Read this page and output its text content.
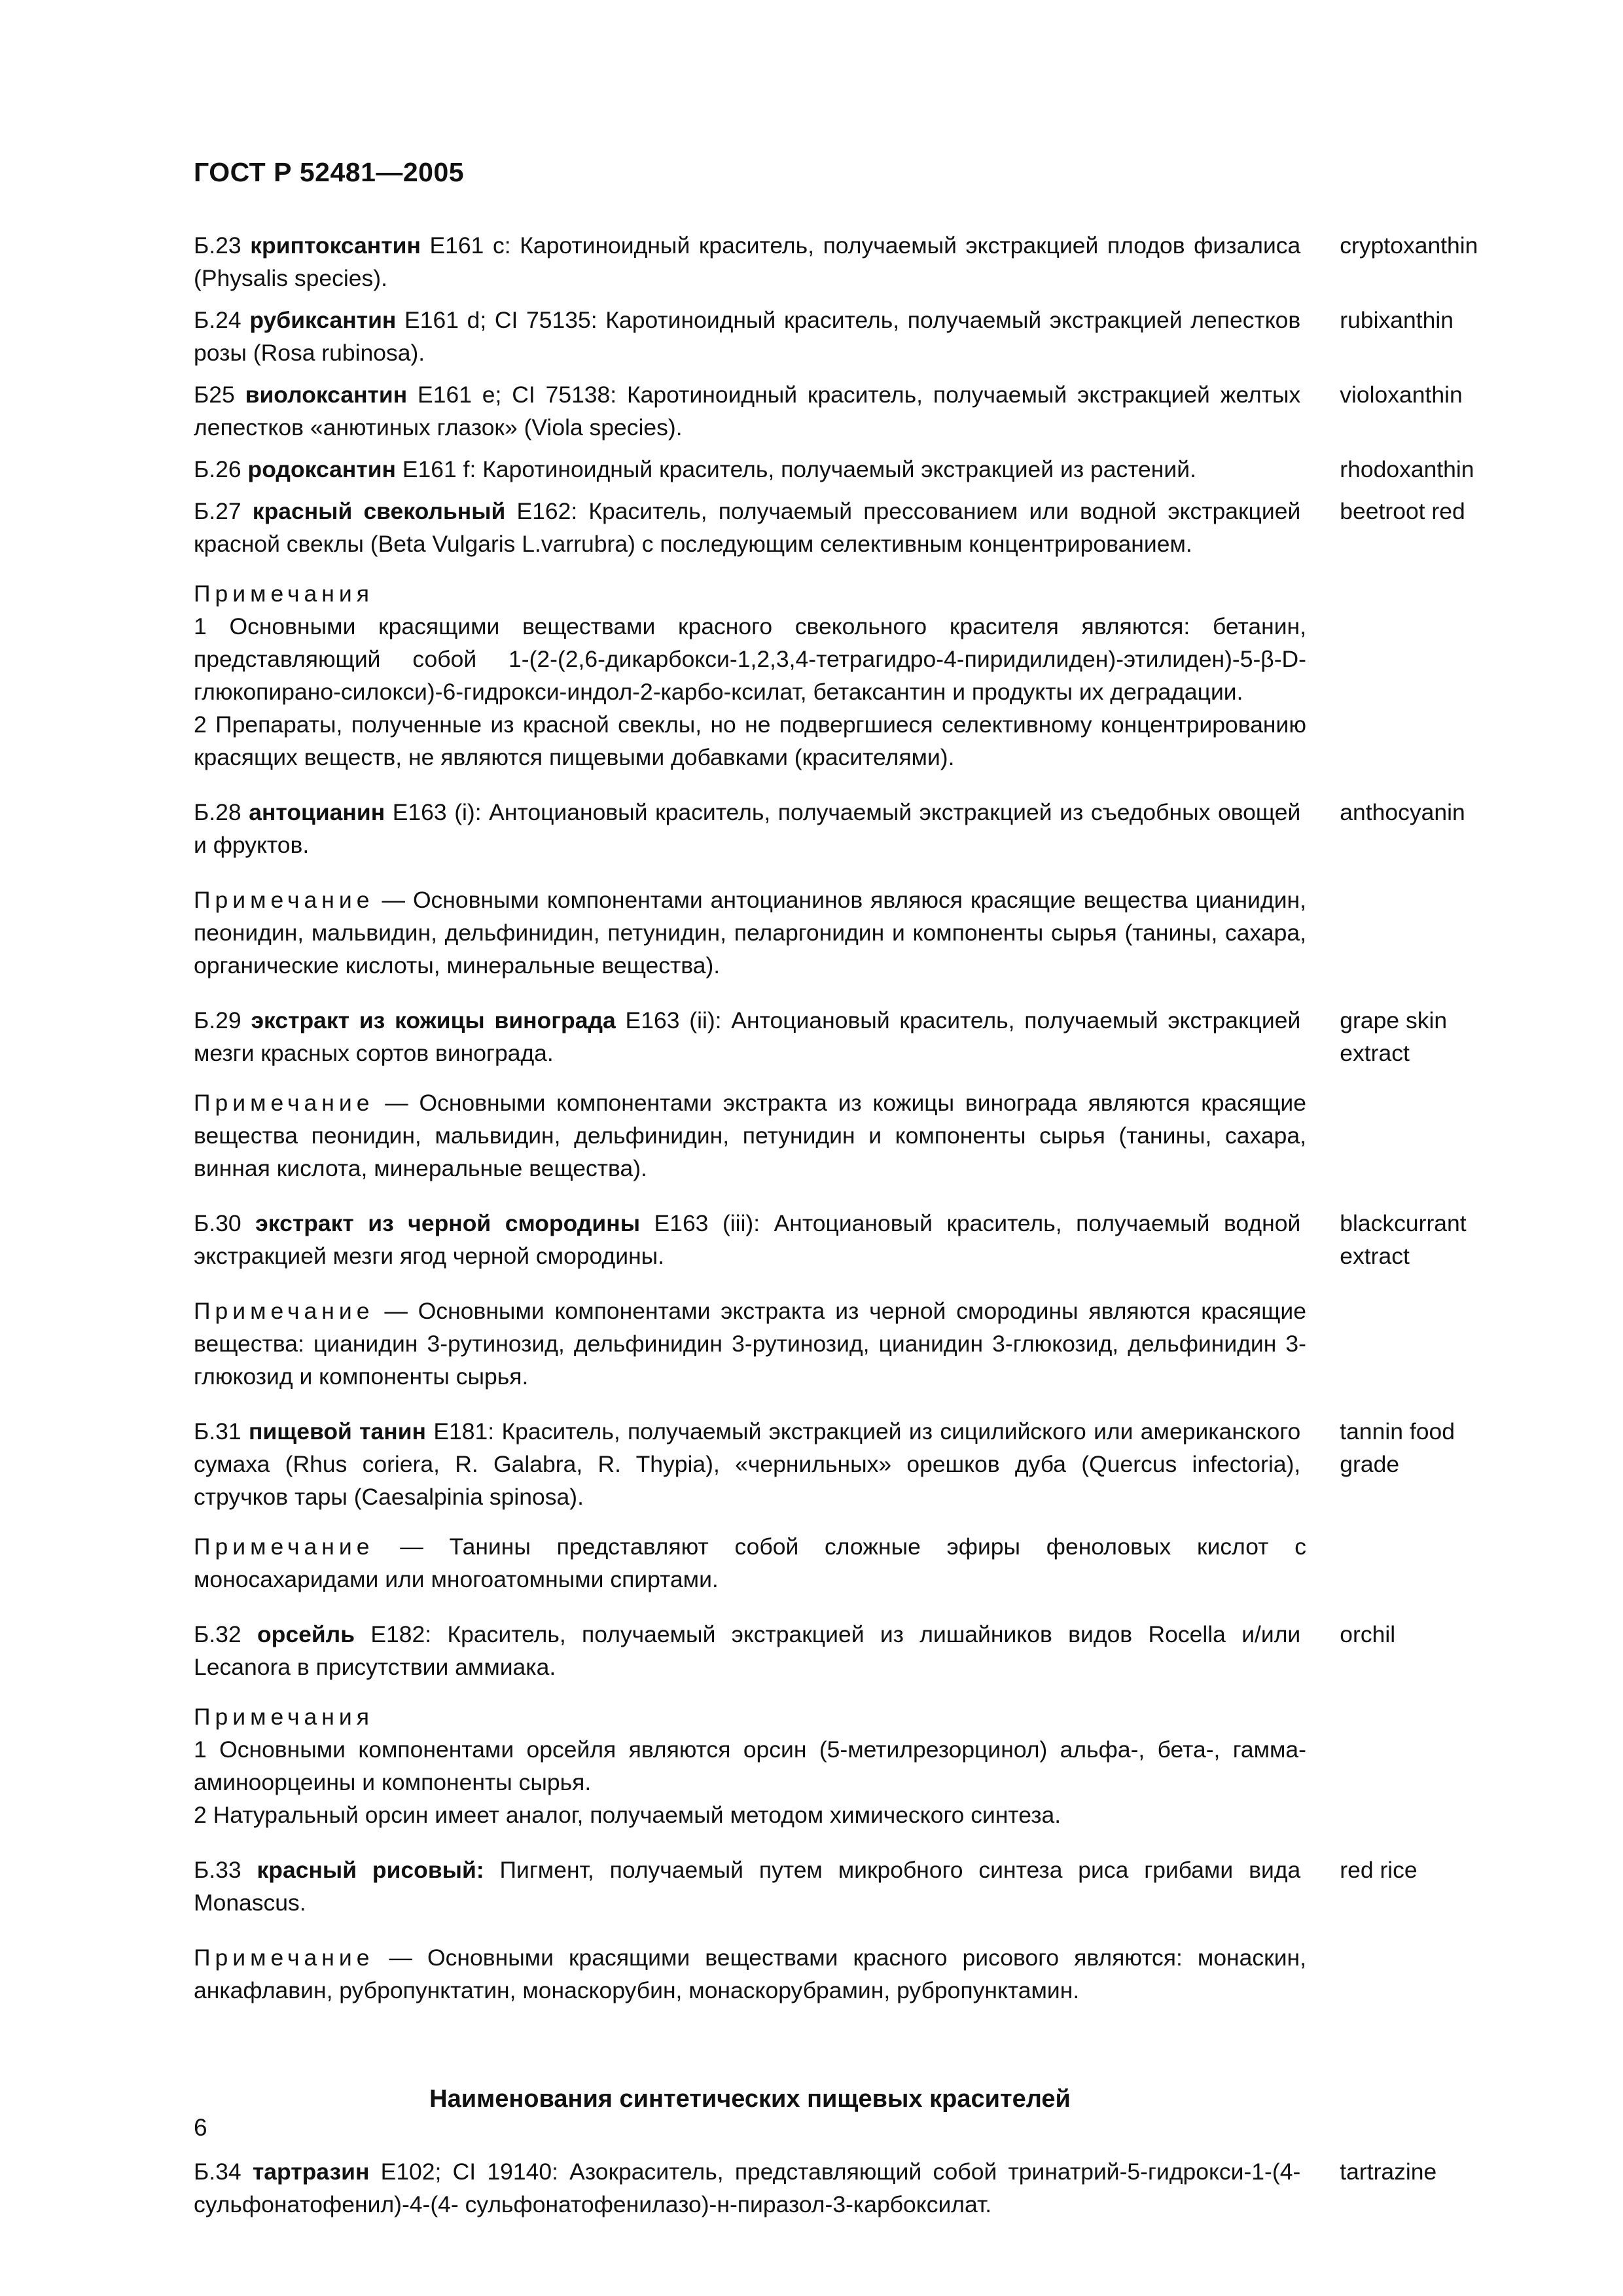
ГОСТ Р 52481—2005
Б.23 криптоксантин E161 c: Каротиноидный краситель, получаемый экстракцией плодов физалиса (Physalis species).
cryptoxanthin
Б.24 рубиксантин E161 d; CI 75135: Каротиноидный краситель, получаемый экстракцией лепестков розы (Rosa rubinosa).
rubixanthin
Б25 виолоксантин E161 e; CI 75138: Каротиноидный краситель, получаемый экстракцией желтых лепестков «анютиных глазок» (Viola species).
violoxanthin
Б.26 родоксантин E161 f: Каротиноидный краситель, получаемый экстракцией из растений.	rhodoxanthin
Б.27 красный свекольный E162: Краситель, получаемый прессованием или водной экстракцией красной свеклы (Beta Vulgaris L.varrubra) с последующим селективным концентрированием.
beetroot red
Примечания
1 Основными красящими веществами красного свекольного красителя являются: бетанин, представляющий собой 1-(2-(2,6-дикарбокси-1,2,3,4-тетрагидро-4-пиридилиден)-этилиден)-5-β-D-глюкопирано-силокси)-6-гидрокси-индол-2-карбо-ксилат, бетаксантин и продукты их деградации.
2 Препараты, полученные из красной свеклы, но не подвергшиеся селективному концентрированию красящих веществ, не являются пищевыми добавками (красителями).
Б.28 антоцианин E163 (i): Антоциановый краситель, получаемый экстракцией из съедобных овощей и фруктов.
anthocyanin
Примечание — Основными компонентами антоцианинов являюся красящие вещества цианидин, пеонидин, мальвидин, дельфинидин, петунидин, пеларгонидин и компоненты сырья (танины, сахара, органические кислоты, минеральные вещества).
Б.29 экстракт из кожицы винограда E163 (ii): Антоциановый краситель, получаемый экстракцией мезги красных сортов винограда.
grape skin extract
Примечание — Основными компонентами экстракта из кожицы винограда являются красящие вещества пеонидин, мальвидин, дельфинидин, петунидин и компоненты сырья (танины, сахара, винная кислота, минеральные вещества).
Б.30 экстракт из черной смородины E163 (iii): Антоциановый краситель, получаемый водной экстракцией мезги ягод черной смородины.
blackcurrant extract
Примечание — Основными компонентами экстракта из черной смородины являются красящие вещества: цианидин 3-рутинозид, дельфинидин 3-рутинозид, цианидин 3-глюкозид, дельфинидин 3-глюкозид и компоненты сырья.
Б.31 пищевой танин E181: Краситель, получаемый экстракцией из сицилийского или американского сумаха (Rhus coriera, R. Galabra, R. Thypia), «чернильных» орешков дуба (Quercus infectoria), стручков тары (Caesalpinia spinosa).
tannin food grade
Примечание — Танины представляют собой сложные эфиры феноловых кислот с моносахаридами или многоатомными спиртами.
Б.32 орсейль E182: Краситель, получаемый экстракцией из лишайников видов Rocella и/или Lecanora в присутствии аммиака.
orchil
Примечания
1 Основными компонентами орсейля являются орсин (5-метилрезорцинол) альфа-, бета-, гамма-аминоорцеины и компоненты сырья.
2 Натуральный орсин имеет аналог, получаемый методом химического синтеза.
Б.33 красный рисовый: Пигмент, получаемый путем микробного синтеза риса грибами вида Monascus.
red rice
Примечание — Основными красящими веществами красного рисового являются: монаскин, анкафлавин, рубропунктатин, монаскорубин, монаскорубрамин, рубропунктамин.
Наименования синтетических пищевых красителей
Б.34 тартразин E102; CI 19140: Азокраситель, представляющий собой тринатрий-5-гидрокси-1-(4-сульфонатофенил)-4-(4- сульфонатофенилазо)-н-пиразол-3-карбоксилат.
tartrazine
6
